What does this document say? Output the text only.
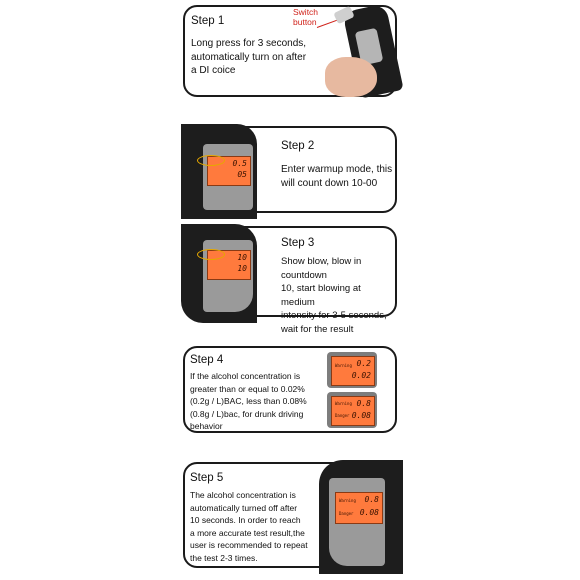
Step 1
Long press for 3 seconds,
automatically turn on after
a DI coice
Switch
button
0.5
05
Step 2
Enter warmup mode, this
will count down 10-00
10
10
Step 3
Show blow, blow in countdown
10, start blowing at medium
intensity for 3-5 seconds,
wait for the result
Step 4
If the alcohol concentration is
greater than or equal to 0.02%
(0.2g / L)BAC, less than 0.08%
(0.8g / L)bac, for drunk driving
behavior
Warning 0.2
0.02
Warning
Danger
0.8
0.08
Step 5
The alcohol concentration is
automatically turned off after
10 seconds. In order to reach
a more accurate test result,the
user is recommended to repeat
the test 2-3 times.
Warning
Danger
0.8
0.08
